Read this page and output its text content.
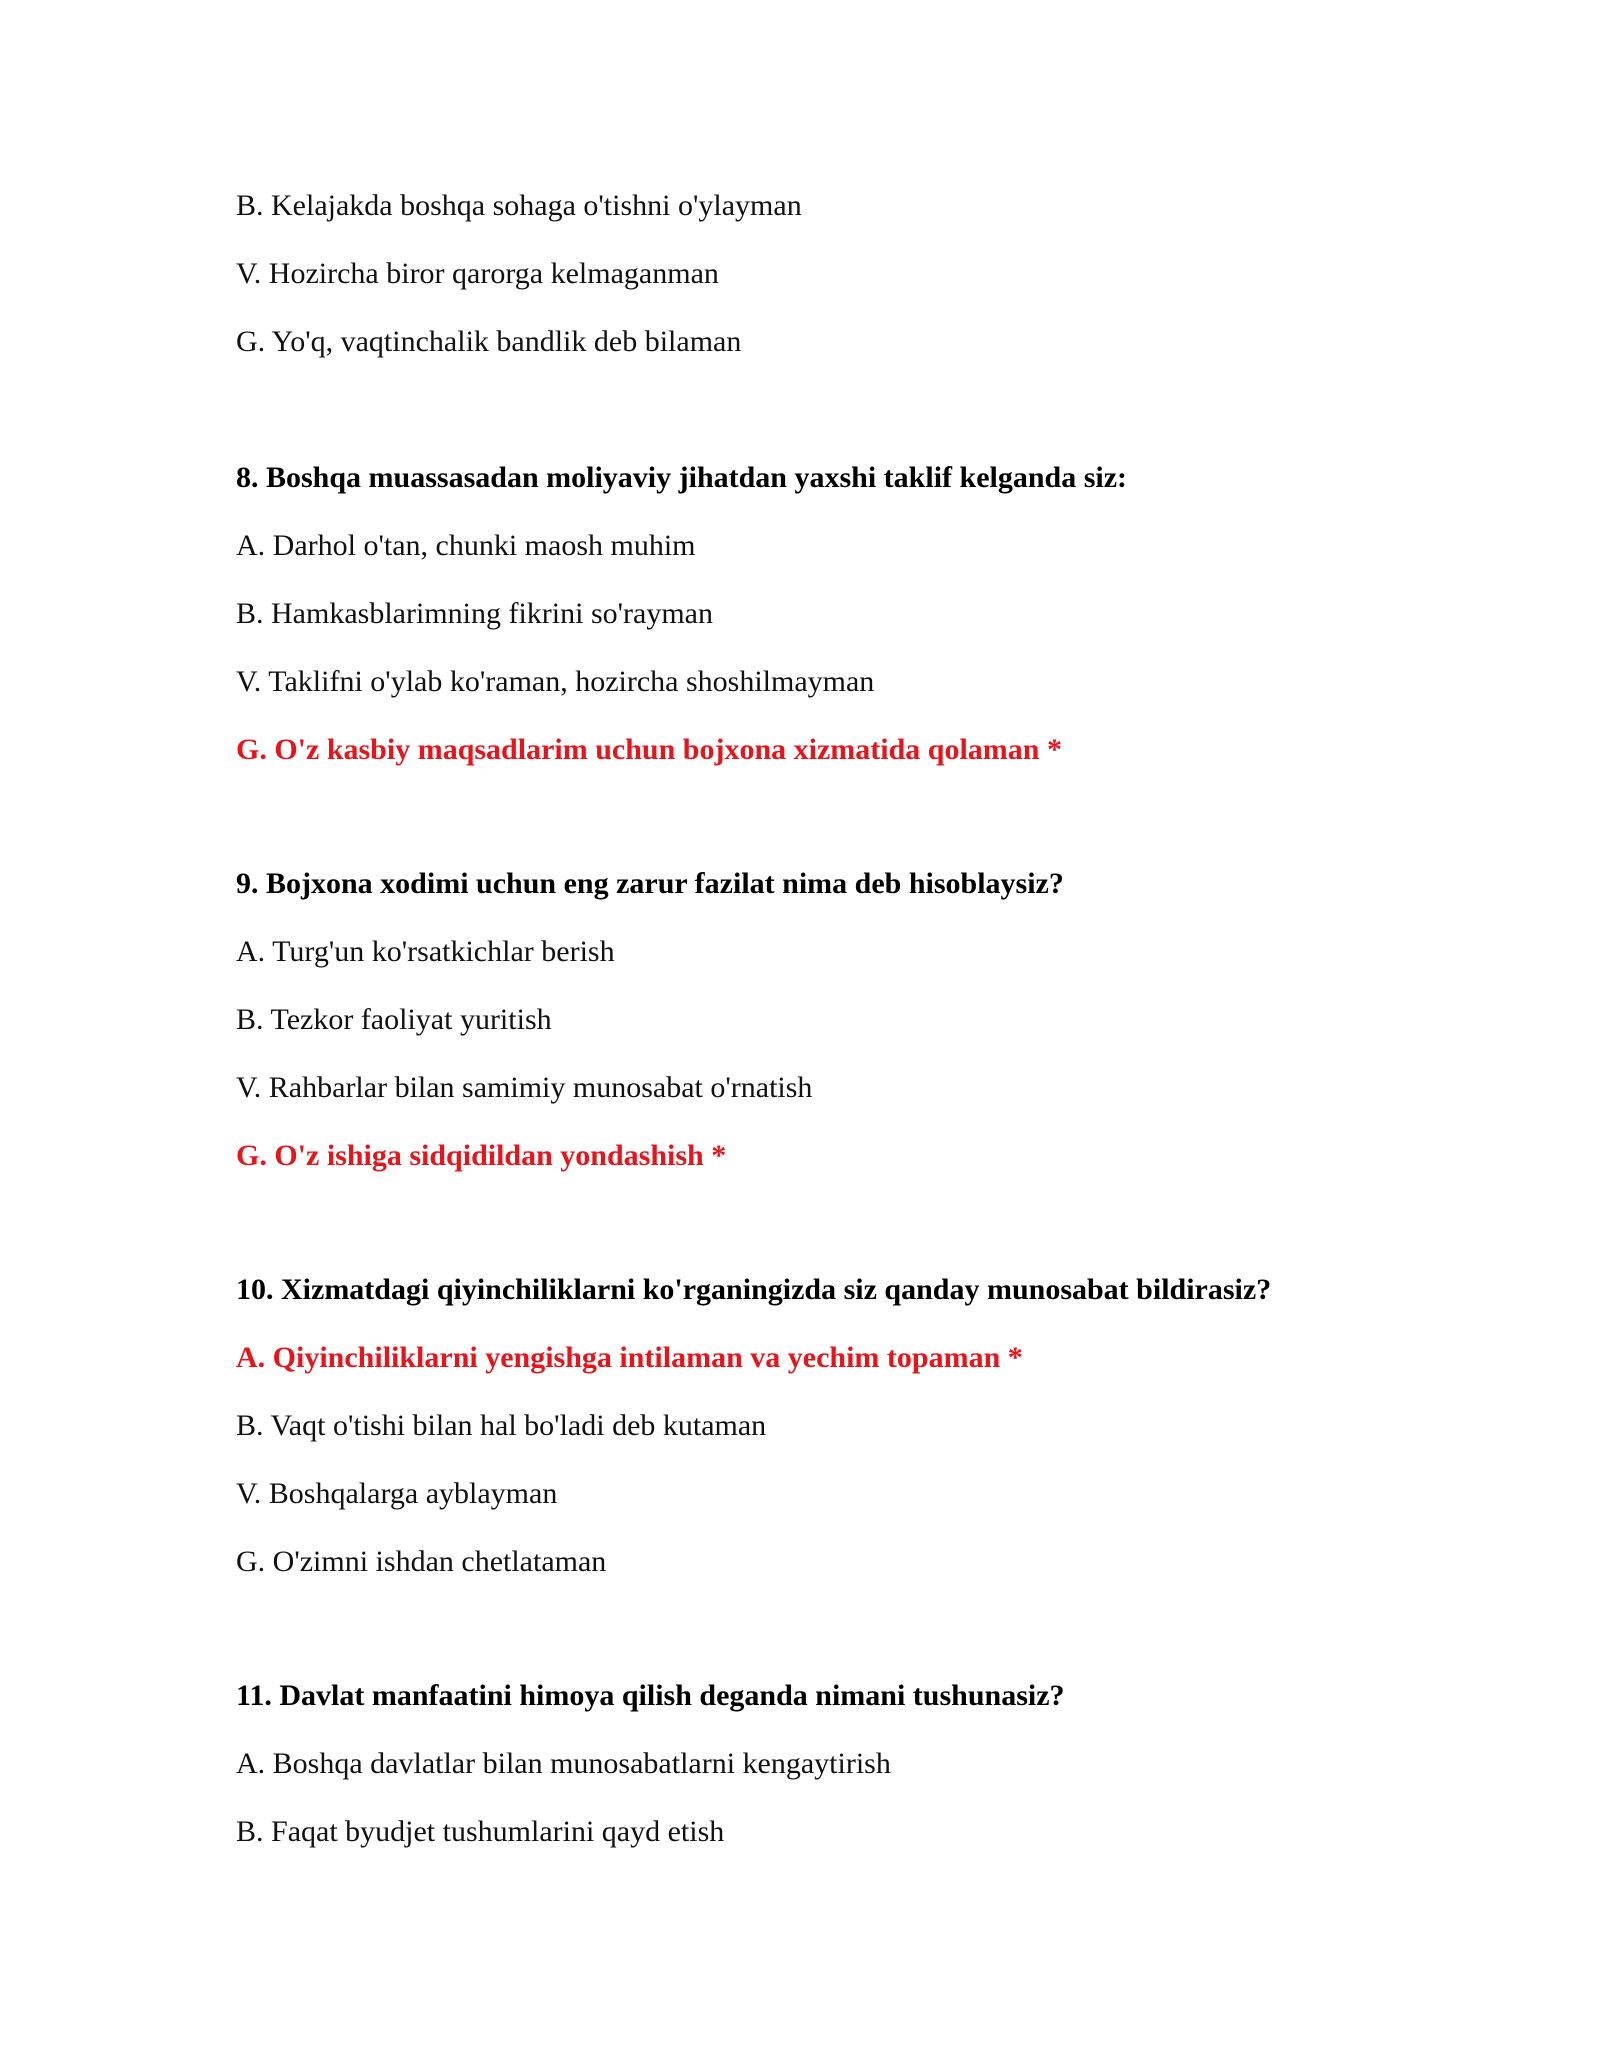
B. Kelajakda boshqa sohaga o'tishni o'ylayman
V. Hozircha biror qarorga kelmaganman
G. Yo'q, vaqtinchalik bandlik deb bilaman
8. Boshqa muassasadan moliyaviy jihatdan yaxshi taklif kelganda siz:
A. Darhol o'tan, chunki maosh muhim
B. Hamkasblarimning fikrini so'rayman
V. Taklifni o'ylab ko'raman, hozircha shoshilmayman
G. O'z kasbiy maqsadlarim uchun bojxona xizmatida qolaman *
9. Bojxona xodimi uchun eng zarur fazilat nima deb hisoblaysiz?
A. Turg'un ko'rsatkichlar berish
B. Tezkor faoliyat yuritish
V. Rahbarlar bilan samimiy munosabat o'rnatish
G. O'z ishiga sidqidildan yondashish *
10. Xizmatdagi qiyinchiliklarni ko'rganingizda siz qanday munosabat bildirasiz?
A. Qiyinchiliklarni yengishga intilaman va yechim topaman *
B. Vaqt o'tishi bilan hal bo'ladi deb kutaman
V. Boshqalarga ayblayman
G. O'zimni ishdan chetlataman
11. Davlat manfaatini himoya qilish deganda nimani tushunasiz?
A. Boshqa davlatlar bilan munosabatlarni kengaytirish
B. Faqat byudjet tushumlarini qayd etish
